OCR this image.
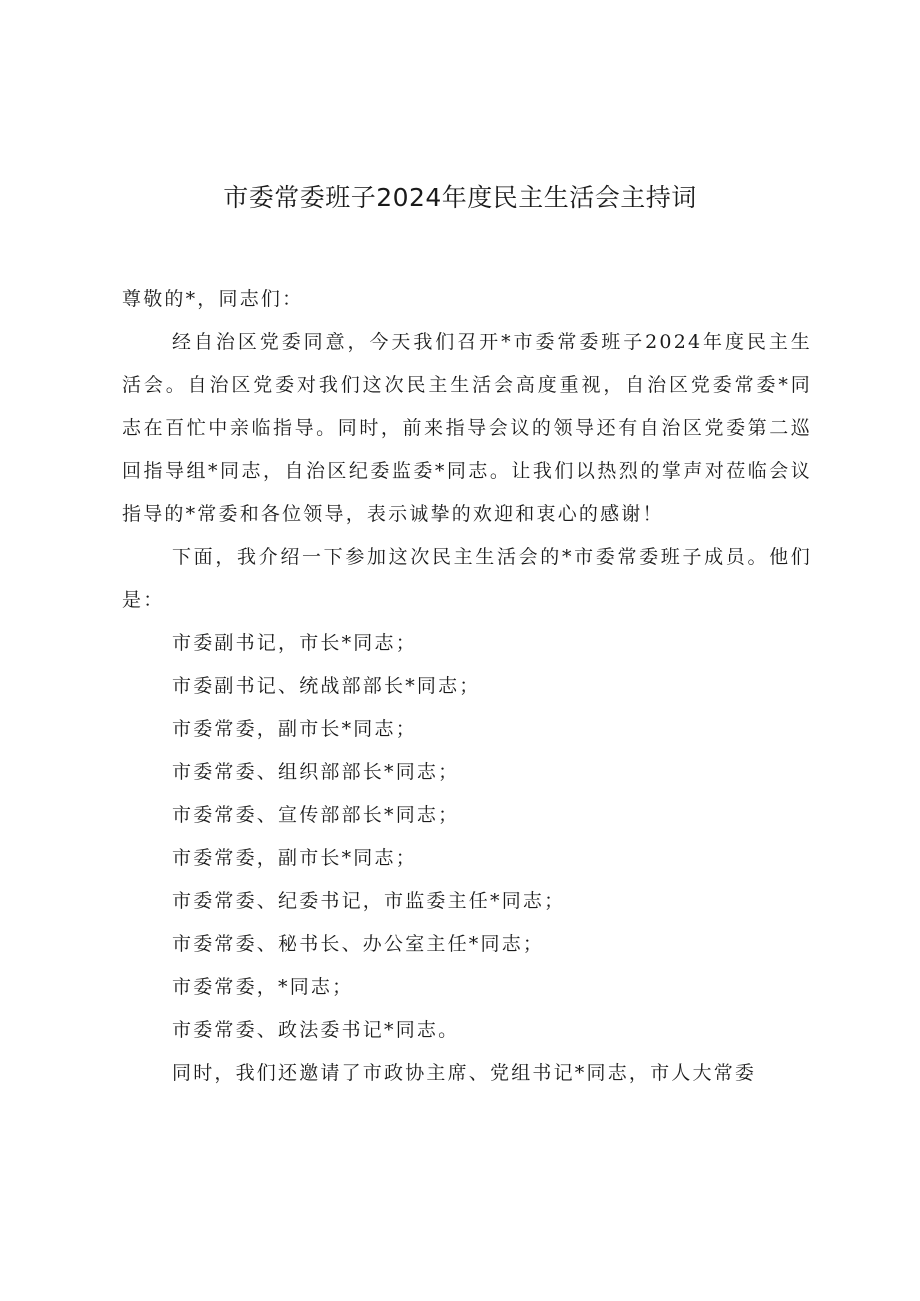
市委常委班子2024年度民主生活会主持词

尊敬的*，同志们：

经自治区党委同意，今天我们召开*市委常委班子2024年度民主生活会。自治区党委对我们这次民主生活会高度重视，自治区党委常委*同志在百忙中亲临指导。同时，前来指导会议的领导还有自治区党委第二巡回指导组*同志，自治区纪委监委*同志。让我们以热烈的掌声对莅临会议指导的*常委和各位领导，表示诚挚的欢迎和衷心的感谢！

下面，我介绍一下参加这次民主生活会的*市委常委班子成员。他们是：

市委副书记，市长*同志；
市委副书记、统战部部长*同志；
市委常委，副市长*同志；
市委常委、组织部部长*同志；
市委常委、宣传部部长*同志；
市委常委，副市长*同志；
市委常委、纪委书记，市监委主任*同志；
市委常委、秘书长、办公室主任*同志；
市委常委，*同志；
市委常委、政法委书记*同志。

同时，我们还邀请了市政协主席、党组书记*同志，市人大常委
